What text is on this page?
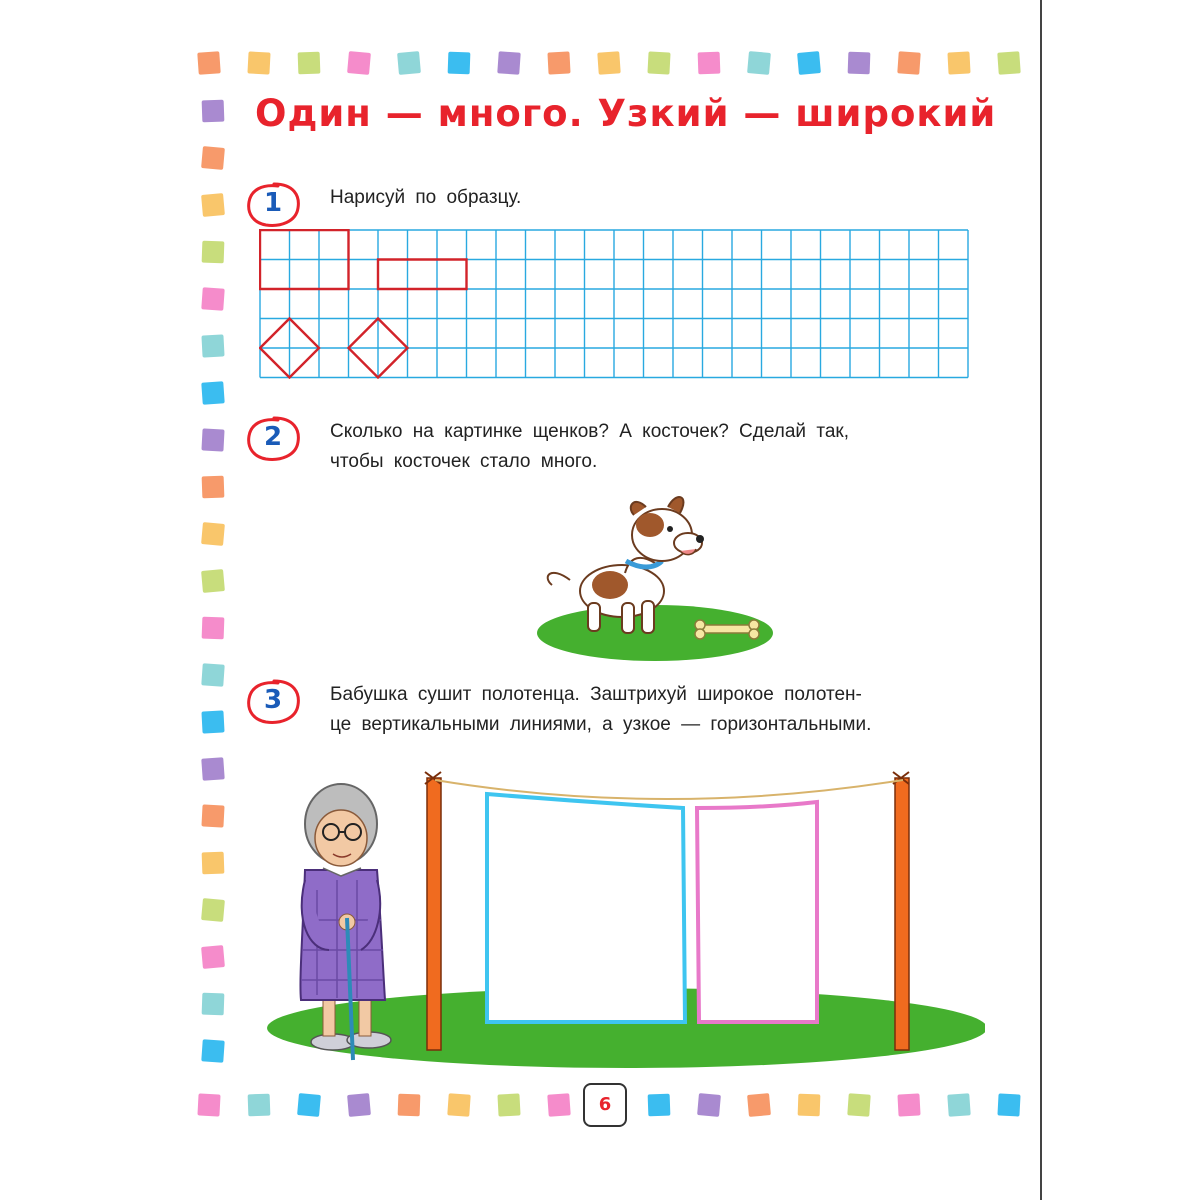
Один — много. Узкий — широкий
1	Нарисуй по образцу.
2	Сколько на картинке щенков? А косточек? Сделай так,
чтобы косточек стало много.
3	Бабушка сушит полотенца. Заштрихуй широкое полотен-
це вертикальными линиями, а узкое — горизонтальными.
6
